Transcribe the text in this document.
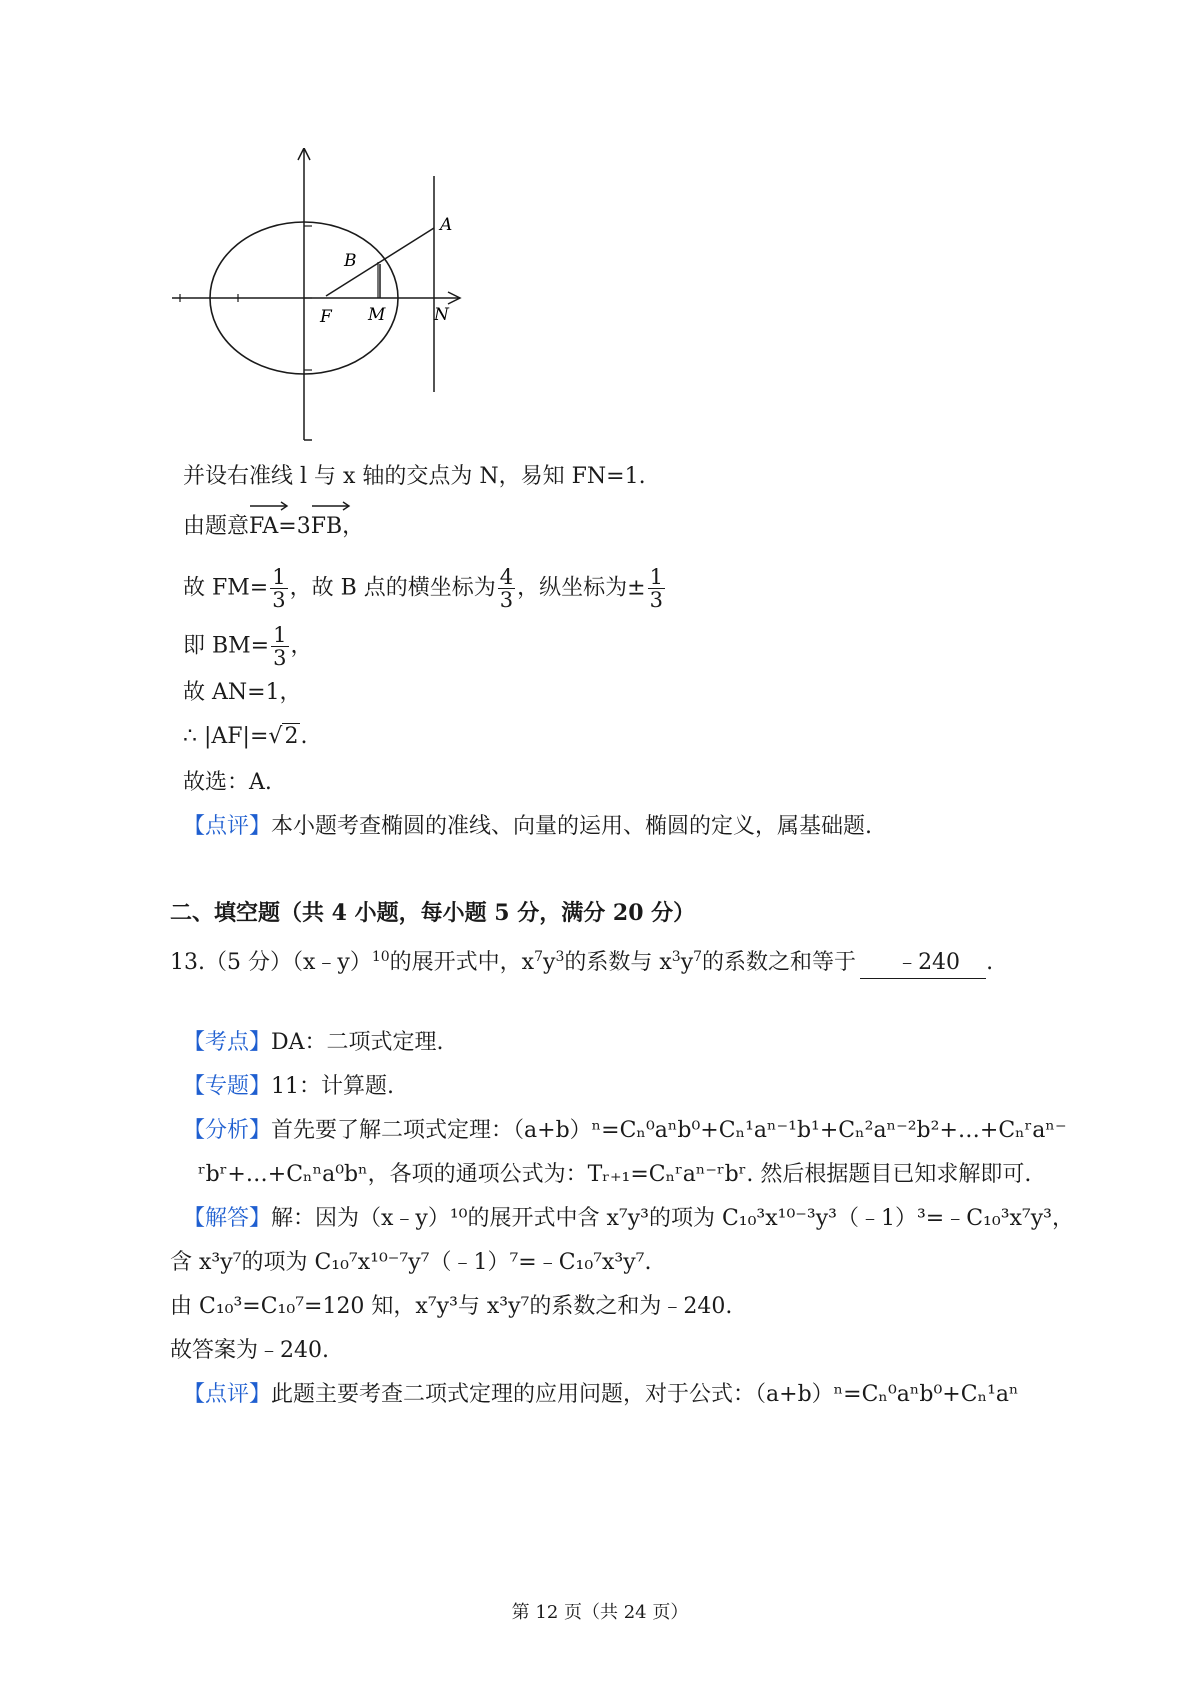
A
B
F M	N
并设右准线 l 与 x 轴的交点为 N，易知 FN=1.
由题意
FA=3
FB，
故 $FM= \frac{1}{3}$ ，故 B 点的横坐标为 $\frac{4}{3}$ ，纵坐标为± $\frac{1}{3}$
即 $BM= \frac{1}{3}$ ，
故 AN=1，
∴ |AF|=√2.
故选：A.
【点评】本小题考查椭圆的准线、向量的运用、椭圆的定义，属基础题.
二、填空题（共 4 小题，每小题 5 分，满分 20 分）
13.（5 分）（x﹣y）$^{10}$的展开式中，$x^7y^3$的系数与 $x^3y^7$的系数之和等于 ﹣240 .
【考点】DA：二项式定理.
【专题】11：计算题.
【分析】首先要了解二项式定理：（a+b）ⁿ=Cₙ⁰aⁿb⁰+Cₙ¹aⁿ⁻¹b¹+Cₙ²aⁿ⁻²b²+…+Cₙʳaⁿ⁻
ʳbʳ+…+Cₙⁿa⁰bⁿ，各项的通项公式为：Tᵣ₊₁=Cₙʳaⁿ⁻ʳbʳ. 然后根据题目已知求解即可.
【解答】解：因为（x﹣y）¹⁰的展开式中含 x⁷y³的项为 C₁₀³x¹⁰⁻³y³（﹣1）³=﹣C₁₀³x⁷y³，
含 x³y⁷的项为 C₁₀⁷x¹⁰⁻⁷y⁷（﹣1）⁷=﹣C₁₀⁷x³y⁷.
由 C₁₀³=C₁₀⁷=120 知，x⁷y³与 x³y⁷的系数之和为﹣240.
故答案为﹣240.
【点评】此题主要考查二项式定理的应用问题，对于公式：（a+b）ⁿ=Cₙ⁰aⁿb⁰+Cₙ¹aⁿ
第 12 页（共 24 页）
